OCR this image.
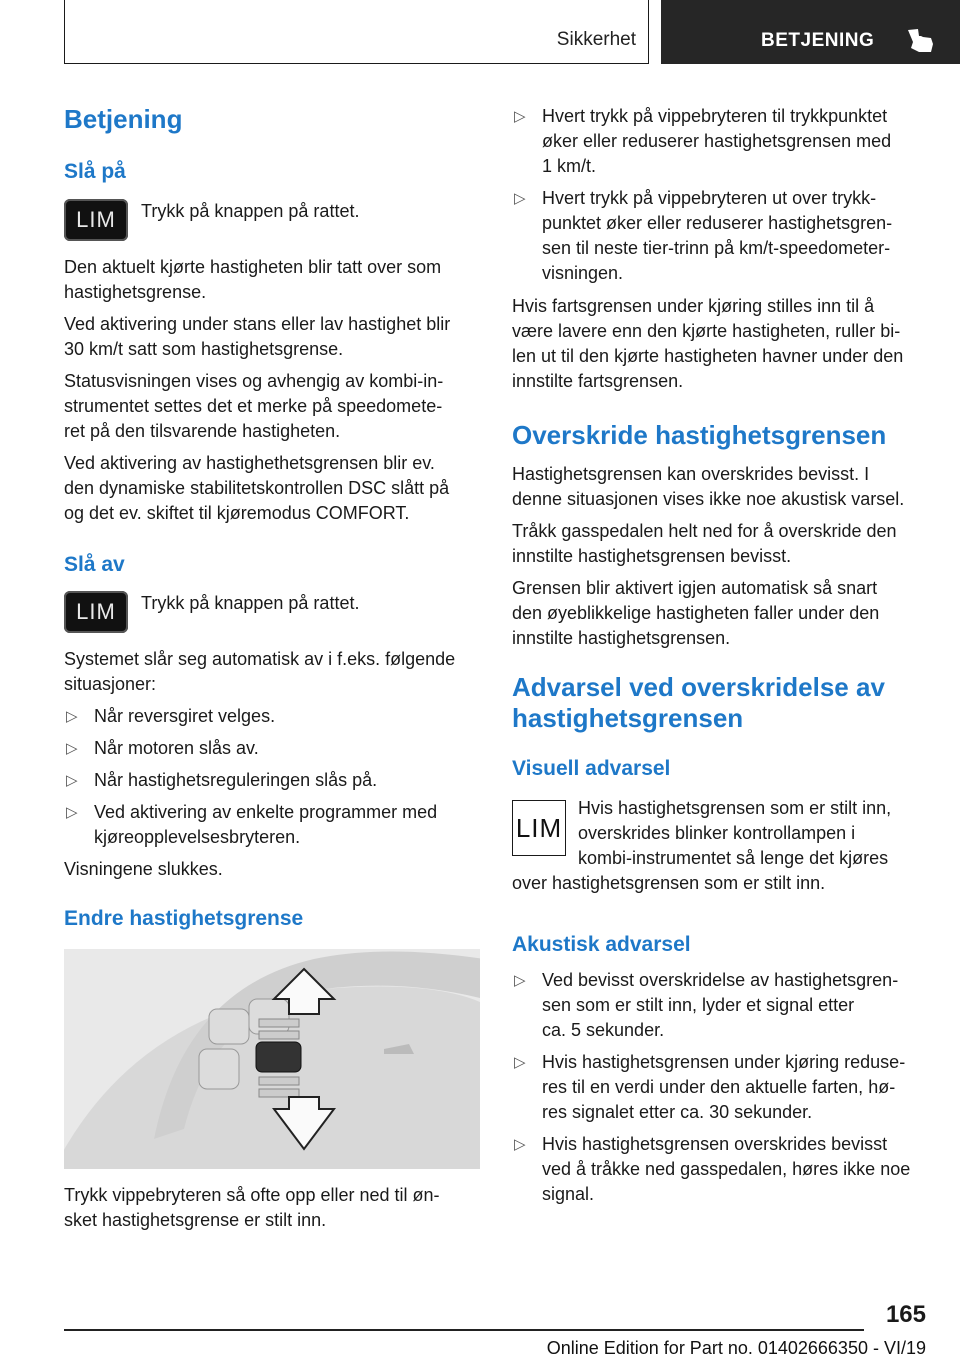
Sikkerhet	BETJENING
Betjening
Slå på
LIM	Trykk på knappen på rattet.

Den aktuelt kjørte hastigheten blir tatt over som
hastighetsgrense.
Ved aktivering under stans eller lav hastighet blir
30 km/t satt som hastighetsgrense.
Statusvisningen vises og avhengig av kombi-in‐
strumentet settes det et merke på speedomete‐
ret på den tilsvarende hastigheten.
Ved aktivering av hastighethetsgrensen blir ev.
den dynamiske stabilitetskontrollen DSC slått på
og det ev. skiftet til kjøremodus COMFORT.
Slå av
LIM	Trykk på knappen på rattet.

Systemet slår seg automatisk av i f.eks. følgende
situasjoner:
▷ Når reversgiret velges.
▷ Når motoren slås av.
▷ Når hastighetsreguleringen slås på.
▷ Ved aktivering av enkelte programmer med
kjøreopplevelsesbryteren.
Visningene slukkes.
Endre hastighetsgrense
Trykk vippebryteren så ofte opp eller ned til øn‐
sket hastighetsgrense er stilt inn.
▷ Hvert trykk på vippebryteren til trykkpunktet
øker eller reduserer hastighetsgrensen med
1 km/t.
▷ Hvert trykk på vippebryteren ut over trykk‐
punktet øker eller reduserer hastighetsgren‐
sen til neste tier-trinn på km/t-speedometer‐
visningen.
Hvis fartsgrensen under kjøring stilles inn til å
være lavere enn den kjørte hastigheten, ruller bi‐
len ut til den kjørte hastigheten havner under den
innstilte fartsgrensen.
Overskride hastighetsgrensen
Hastighetsgrensen kan overskrides bevisst. I
denne situasjonen vises ikke noe akustisk varsel.
Tråkk gasspedalen helt ned for å overskride den
innstilte hastighetsgrensen bevisst.
Grensen blir aktivert igjen automatisk så snart
den øyeblikkelige hastigheten faller under den
innstilte hastighetsgrensen.
Advarsel ved overskridelse av
hastighetsgrensen
Visuell advarsel
LIM
Hvis hastighetsgrensen som er stilt inn,
overskrides blinker kontrollampen i
kombi-instrumentet så lenge det kjøres
over hastighetsgrensen som er stilt inn.
Akustisk advarsel
▷ Ved bevisst overskridelse av hastighetsgren‐
sen som er stilt inn, lyder et signal etter
ca. 5 sekunder.
▷ Hvis hastighetsgrensen under kjøring reduse‐
res til en verdi under den aktuelle farten, hø‐
res signalet etter ca. 30 sekunder.
▷ Hvis hastighetsgrensen overskrides bevisst
ved å tråkke ned gasspedalen, høres ikke noe
signal.
165
Online Edition for Part no. 01402666350 - VI/19
